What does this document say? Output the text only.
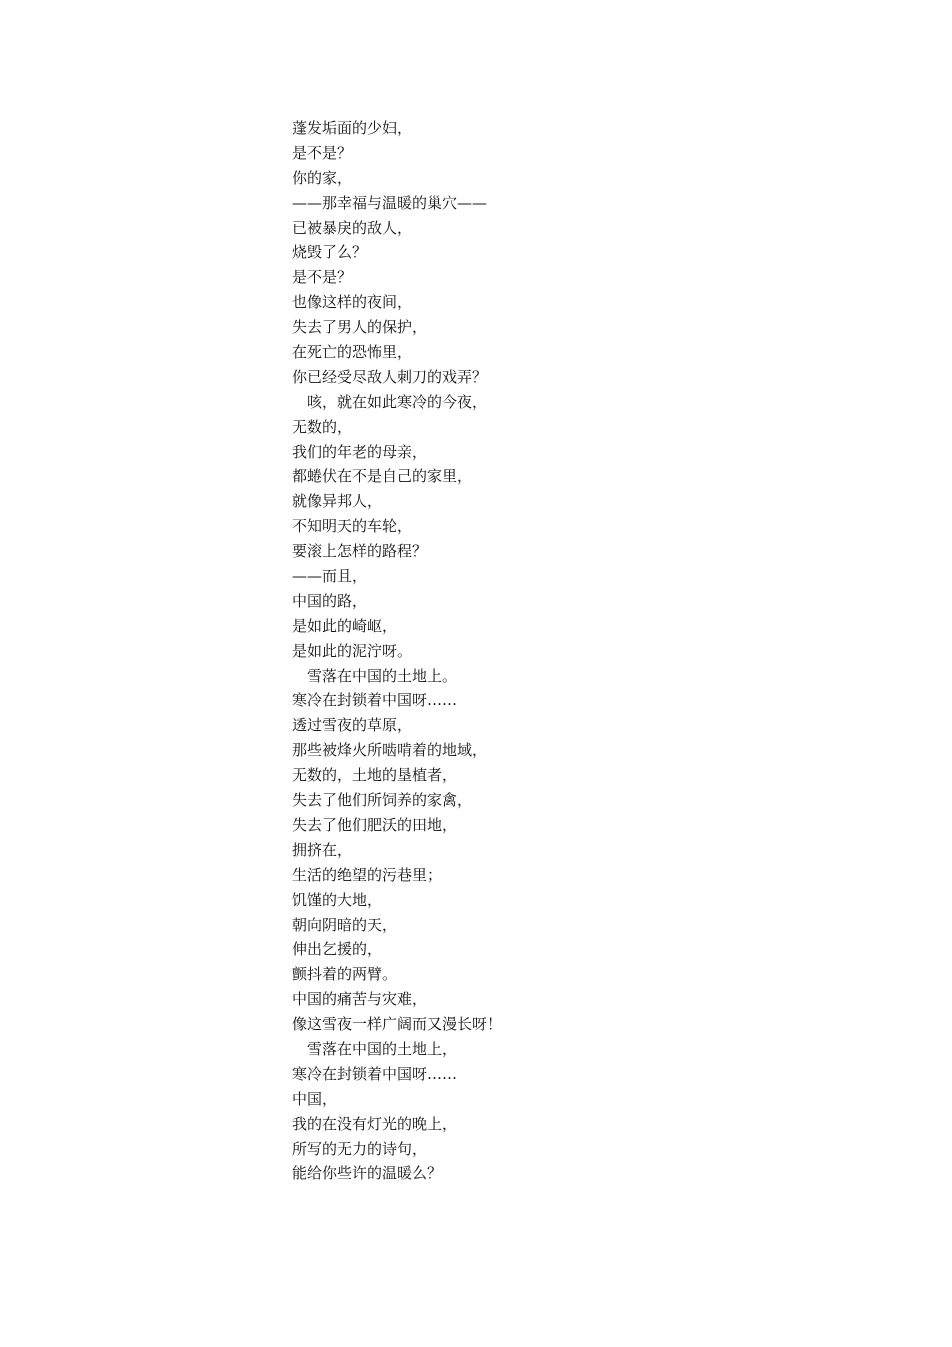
蓬发垢面的少妇，
是不是？
你的家，
——那幸福与温暖的巢穴——
已被暴戾的敌人，
烧毁了么？
是不是？
也像这样的夜间，
失去了男人的保护，
在死亡的恐怖里，
你已经受尽敌人刺刀的戏弄？
　咳，就在如此寒冷的今夜，
无数的，
我们的年老的母亲，
都蜷伏在不是自己的家里，
就像异邦人，
不知明天的车轮，
要滚上怎样的路程？
——而且，
中国的路，
是如此的崎岖，
是如此的泥泞呀。
　雪落在中国的土地上。
寒冷在封锁着中国呀……
透过雪夜的草原，
那些被烽火所啮啃着的地域，
无数的，土地的垦植者，
失去了他们所饲养的家禽，
失去了他们肥沃的田地，
拥挤在，
生活的绝望的污巷里；
饥馑的大地，
朝向阴暗的天，
伸出乞援的，
颤抖着的两臂。
中国的痛苦与灾难，
像这雪夜一样广阔而又漫长呀！
　雪落在中国的土地上，
寒冷在封锁着中国呀……
中国，
我的在没有灯光的晚上，
所写的无力的诗句，
能给你些许的温暖么？
